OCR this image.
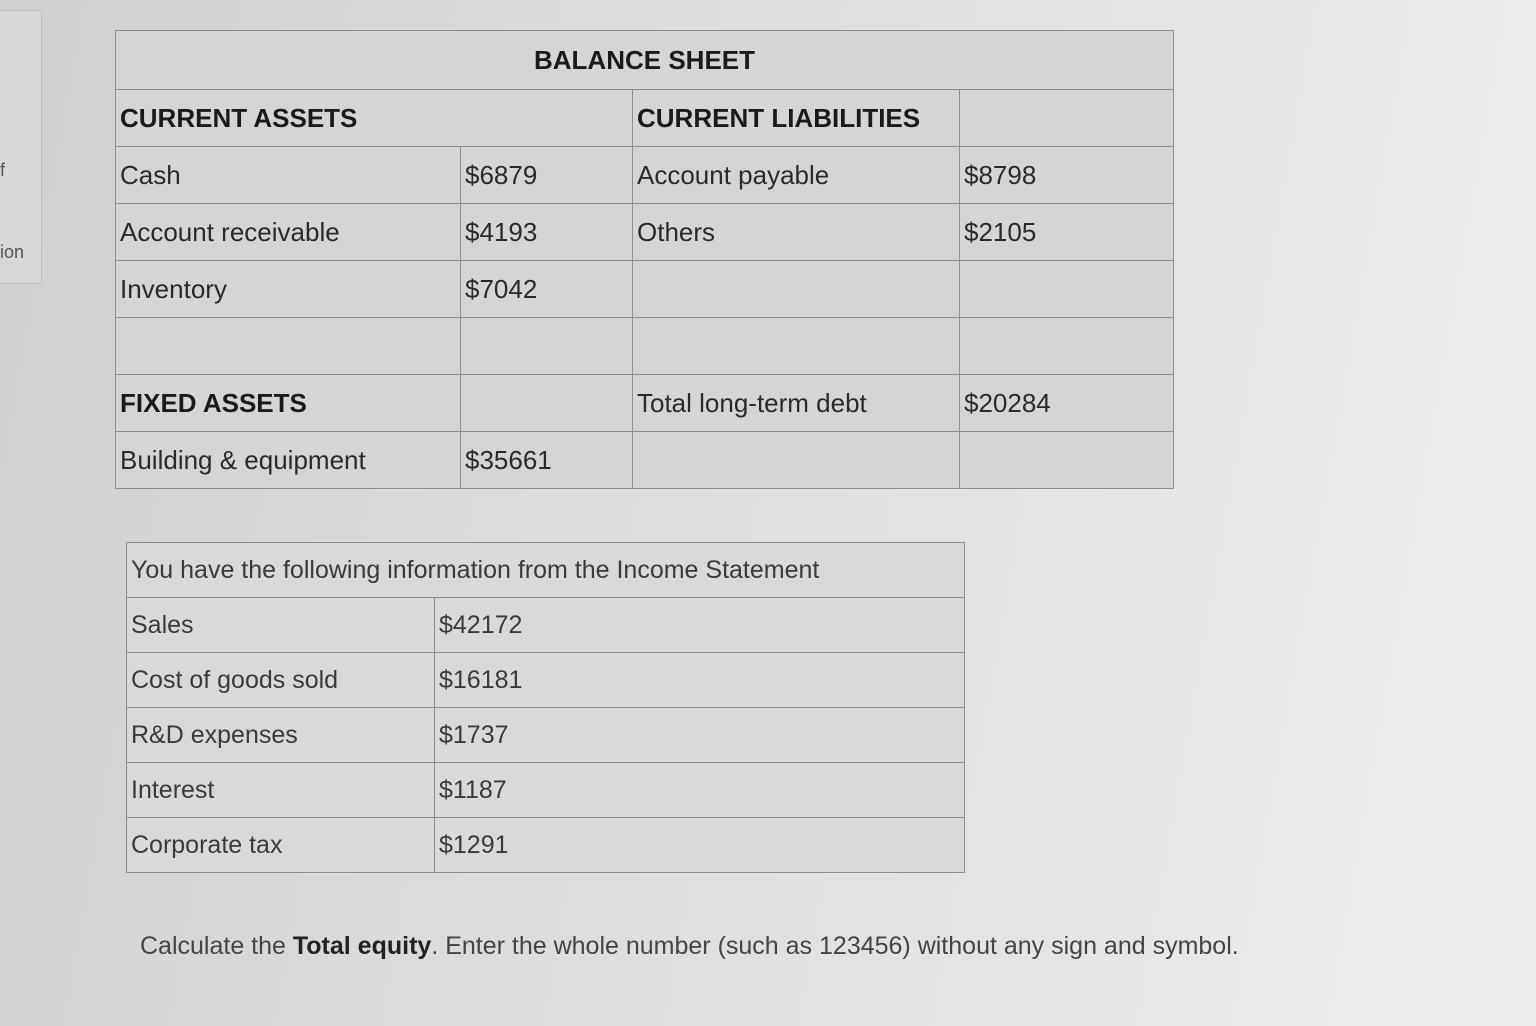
f
ion
BALANCE SHEET			
CURRENT ASSETS		CURRENT LIABILITIES	
Cash	$6879	Account payable	$8798
Account receivable	$4193	Others	$2105
Inventory	$7042		

FIXED ASSETS		Total long-term debt	$20284
Building & equipment	$35661		
You have the following information from the Income Statement	
Sales	$42172
Cost of goods sold	$16181
R&D expenses	$1737
Interest	$1187
Corporate tax	$1291
Calculate the Total equity. Enter the whole number (such as 123456) without any sign and symbol.
